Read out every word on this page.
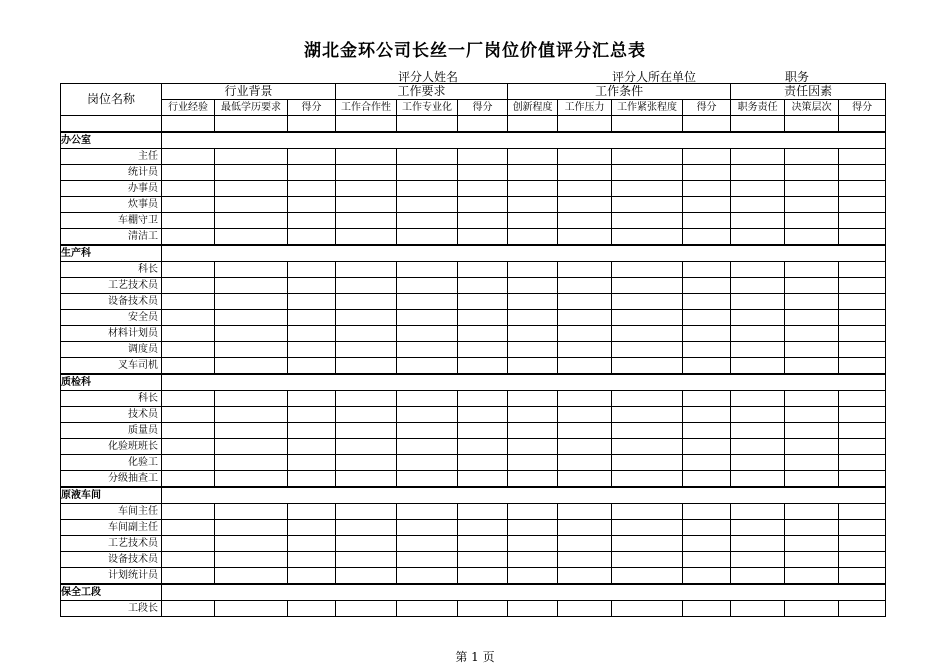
湖北金环公司长丝一厂岗位价值评分汇总表
评分人姓名	评分人所在单位	职务
岗位名称	行业背景			工作要求			工作条件				责任因素		
	行业经验	最低学历要求	得分	工作合作性	工作专业化	得分	创新程度	工作压力	工作紧张程度	得分	职务责任	决策层次	得分

办公室													
主任													
统计员													
办事员													
炊事员													
车棚守卫													
清洁工													
生产科													
科长													
工艺技术员													
设备技术员													
安全员													
材料计划员													
调度员													
叉车司机													
质检科													
科长													
技术员													
质量员													
化验班班长													
化验工													
分级抽查工													
原液车间													
车间主任													
车间副主任													
工艺技术员													
设备技术员													
计划统计员													
保全工段													
工段长													
第 1 页
